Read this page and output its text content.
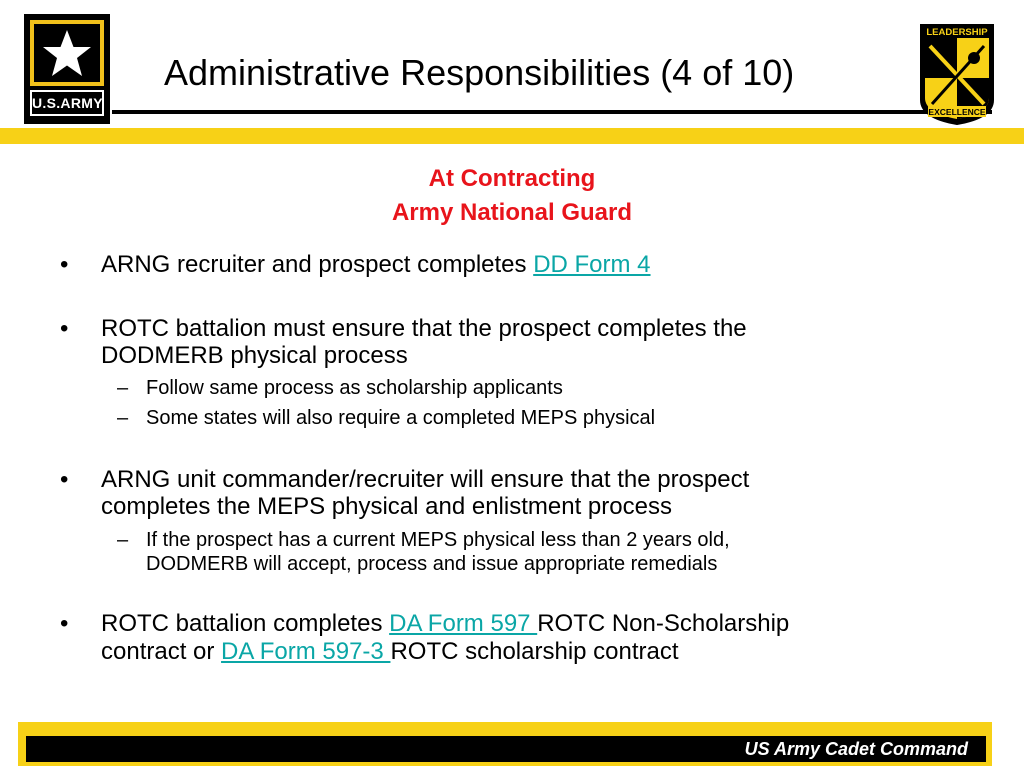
U.S.ARMY
Administrative Responsibilities (4 of 10)
LEADERSHIP
EXCELLENCE
At Contracting
Army National Guard
• ARNG recruiter and prospect completes DD Form 4
• ROTC battalion must ensure that the prospect completes the
DODMERB physical process
– Follow same process as scholarship applicants
– Some states will also require a completed MEPS physical
• ARNG unit commander/recruiter will ensure that the prospect
completes the MEPS physical and enlistment process
– If the prospect has a current MEPS physical less than 2 years old,
DODMERB will accept, process and issue appropriate remedials
• ROTC battalion completes DA Form 597 ROTC Non-Scholarship
contract or DA Form 597-3 ROTC scholarship contract
US Army Cadet Command
